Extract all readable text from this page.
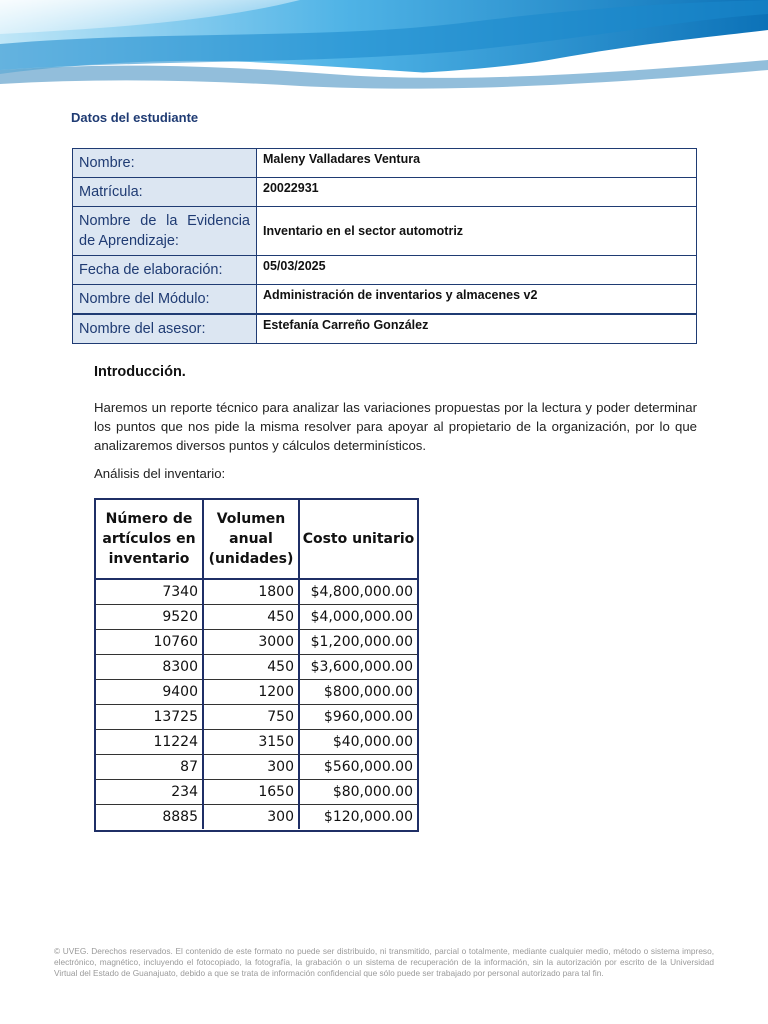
Datos del estudiante
Nombre:	Maleny Valladares Ventura
Matrícula:	20022931
Nombre de la Evidencia de Aprendizaje:	Inventario en el sector automotriz
Fecha de elaboración:	05/03/2025
Nombre del Módulo:	Administración de inventarios y almacenes v2
Nombre del asesor:	Estefanía Carreño González
Introducción.

Haremos un reporte técnico para analizar las variaciones propuestas por la lectura y poder determinar los puntos que nos pide la misma resolver para apoyar al propietario de la organización, por lo que analizaremos diversos puntos y cálculos determinísticos.

Análisis del inventario:

Número de artículos en inventario	Volumen anual (unidades)	Costo unitario
7340	1800	$4,800,000.00
9520	450	$4,000,000.00
10760	3000	$1,200,000.00
8300	450	$3,600,000.00
9400	1200	$800,000.00
13725	750	$960,000.00
11224	3150	$40,000.00
87	300	$560,000.00
234	1650	$80,000.00
8885	300	$120,000.00

© UVEG. Derechos reservados. El contenido de este formato no puede ser distribuido, ni transmitido, parcial o totalmente, mediante cualquier medio, método o sistema impreso, electrónico, magnético, incluyendo el fotocopiado, la fotografía, la grabación o un sistema de recuperación de la información, sin la autorización por escrito de la Universidad Virtual del Estado de Guanajuato, debido a que se trata de información confidencial que sólo puede ser trabajado por personal autorizado para tal fin.
